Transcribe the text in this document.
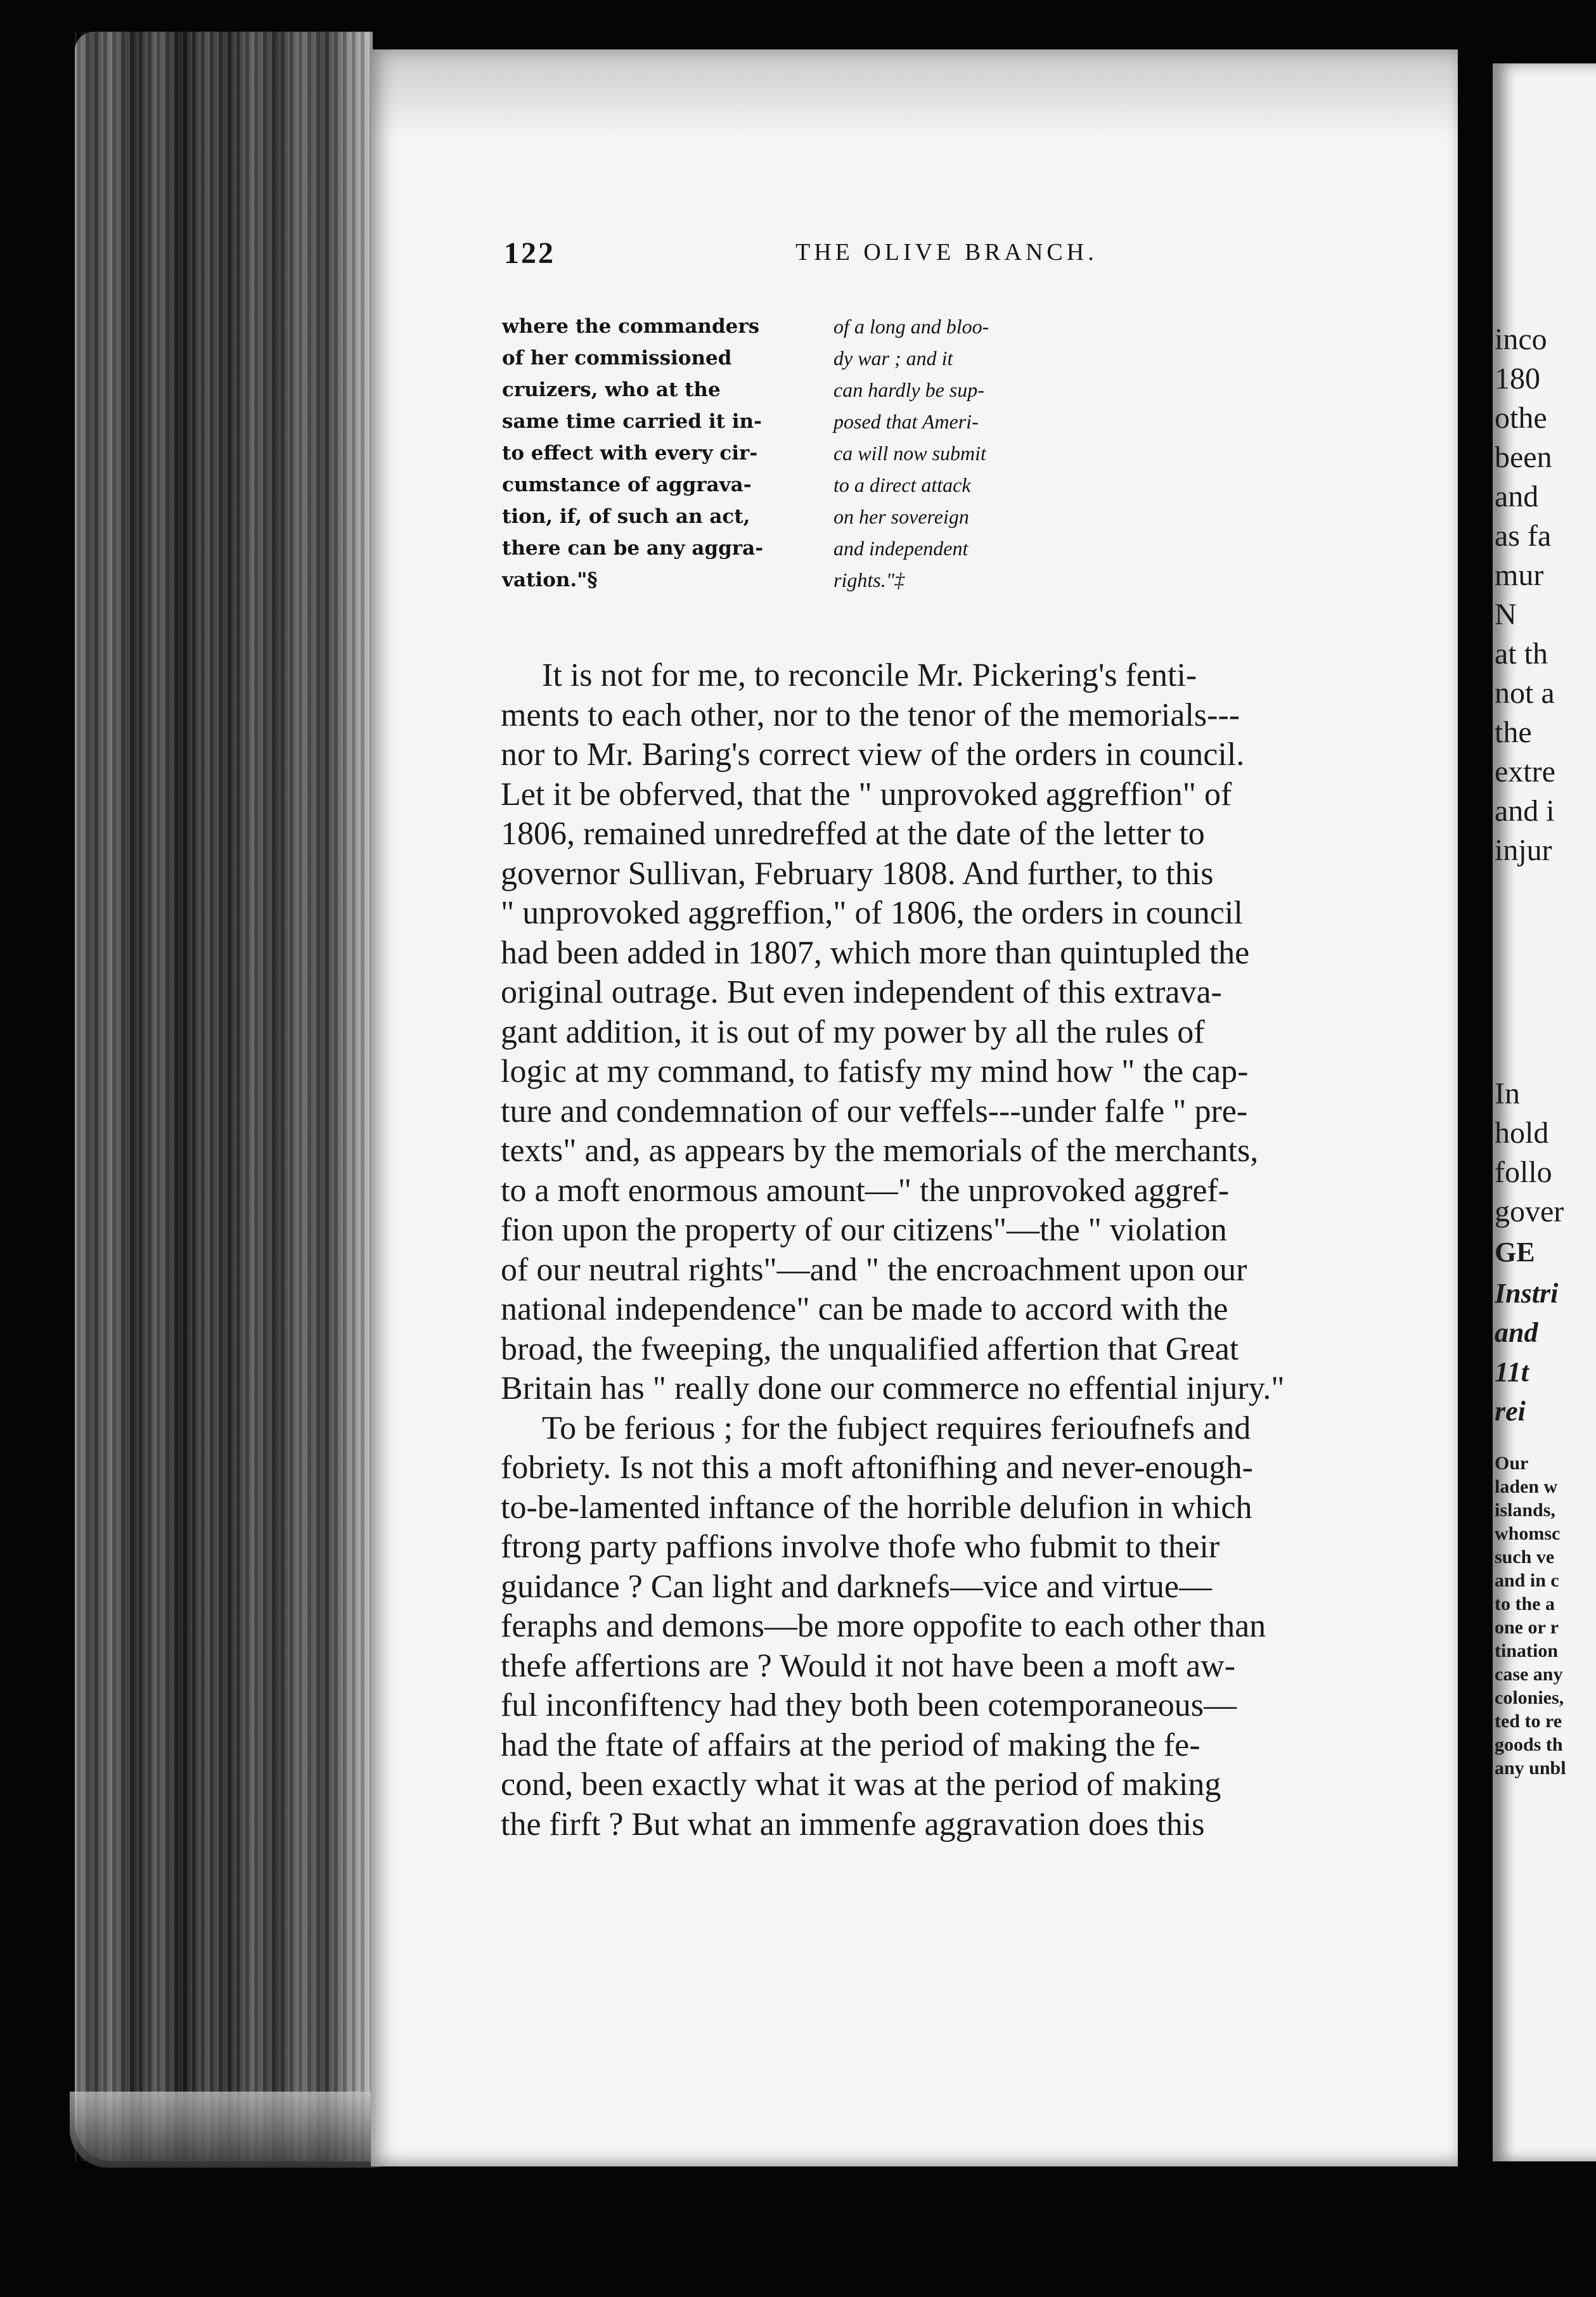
122	THE OLIVE BRANCH.
where the commanders
of her commissioned
cruizers, who at the
same time carried it in-
to effect with every cir-
cumstance of aggrava-
tion, if, of such an act,
there can be any aggra-
vation."§
of a long and bloo-
dy war ; and it
can hardly be sup-
posed that Ameri-
ca will now submit
to a direct attack
on her sovereign
and independent
rights."‡
It is not for me, to reconcile Mr. Pickering's fenti-
ments to each other, nor to the tenor of the memorials---
nor to Mr. Baring's correct view of the orders in council.
Let it be obferved, that the " unprovoked aggreffion" of
1806, remained unredreffed at the date of the letter to
governor Sullivan, February 1808. And further, to this
" unprovoked aggreffion," of 1806, the orders in council
had been added in 1807, which more than quintupled the
original outrage. But even independent of this extrava-
gant addition, it is out of my power by all the rules of
logic at my command, to fatisfy my mind how " the cap-
ture and condemnation of our veffels---under falfe " pre-
texts" and, as appears by the memorials of the merchants,
to a moft enormous amount—" the unprovoked aggref-
fion upon the property of our citizens"—the " violation
of our neutral rights"—and " the encroachment upon our
national independence" can be made to accord with the
broad, the fweeping, the unqualified affertion that Great
Britain has " really done our commerce no effential injury."
To be ferious ; for the fubject requires ferioufnefs and
fobriety. Is not this a moft aftonifhing and never-enough-
to-be-lamented inftance of the horrible delufion in which
ftrong party paffions involve thofe who fubmit to their
guidance ? Can light and darknefs—vice and virtue—
feraphs and demons—be more oppofite to each other than
thefe affertions are ? Would it not have been a moft aw-
ful inconfiftency had they both been cotemporaneous—
had the ftate of affairs at the period of making the fe-
cond, been exactly what it was at the period of making
the firft ? But what an immenfe aggravation does this
inco
180
othe
been
and
as fa
mur
N
at th
not a
the
extre
and i
injur
In
hold
follo
gover
GE
Instri
and
11t
rei
Our
laden w
islands,
whomsc
such ve
and in c
to the a
one or r
tination
case any
colonies,
ted to re
goods th
any unbl
